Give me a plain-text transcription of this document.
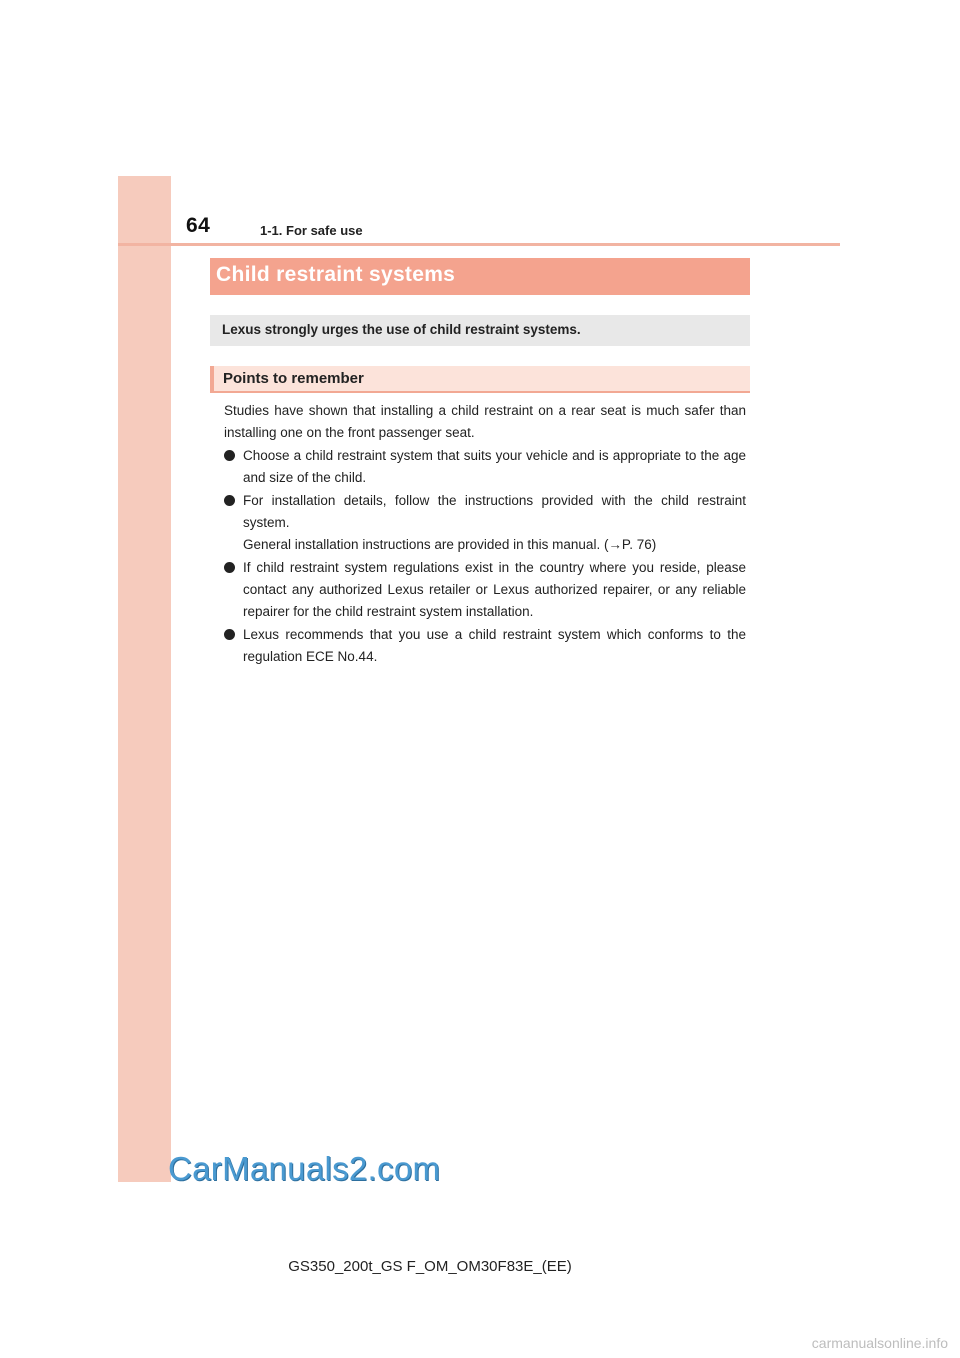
64	1-1. For safe use
Child restraint systems
Lexus strongly urges the use of child restraint systems.
Points to remember

Studies have shown that installing a child restraint on a rear seat is much safer than installing one on the front passenger seat.

Choose a child restraint system that suits your vehicle and is appropriate to the age and size of the child.
For installation details, follow the instructions provided with the child restraint system.
General installation instructions are provided in this manual. (→P. 76)
If child restraint system regulations exist in the country where you reside, please contact any authorized Lexus retailer or Lexus authorized repairer, or any reliable repairer for the child restraint system installation.
Lexus recommends that you use a child restraint system which conforms to the regulation ECE No.44.
CarManuals2.com
GS350_200t_GS F_OM_OM30F83E_(EE)
carmanualsonline.info
